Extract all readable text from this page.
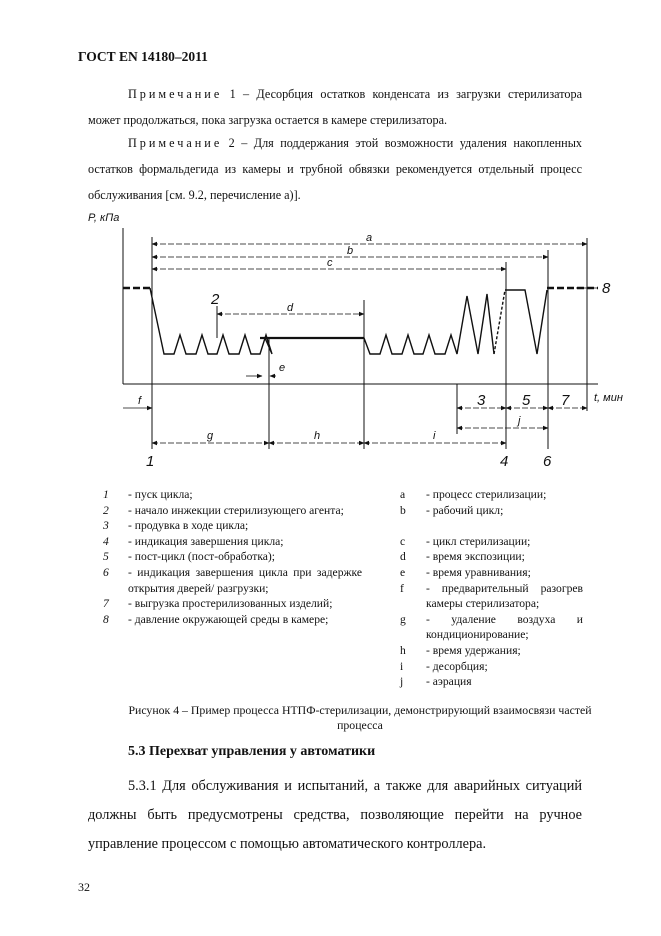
ГОСТ EN 14180–2011

Примечание 1 – Десорбция остатков конденсата из загрузки стерилизатора может продолжаться, пока загрузка остается в камере стерилизатора.

Примечание 2 – Для поддержания этой возможности удаления накопленных остатков формальдегида из камеры и трубной обвязки рекомендуется отдельный процесс обслуживания [см. 9.2, перечисление а)].

P, кПа
t, мин
a
b
c
d
e
f
g	h	i
j
1
2
3
4
5
6
7
8
1 - пуск цикла;
2 - начало инжекции стерилизующего агента;
3 - продувка в ходе цикла;
4 - индикация завершения цикла;
5 - пост-цикл (пост-обработка);
6 - индикация завершения цикла при задержке открытия дверей/ разгрузки;
7 - выгрузка простерилизованных изделий;
8 - давление окружающей среды в камере;
a - процесс стерилизации;
b - рабочий цикл;
c - цикл стерилизации;
d - время экспозиции;
e - время уравнивания;
f - предварительный разогрев камеры стерилизатора;
g - удаление воздуха и кондиционирование;
h - время удержания;
i - десорбция;
j - аэрация
Рисунок 4 – Пример процесса НТПФ-стерилизации, демонстрирующий взаимосвязи частей процесса
5.3 Перехват управления у автоматики

5.3.1 Для обслуживания и испытаний, а также для аварийных ситуаций должны быть предусмотрены средства, позволяющие перейти на ручное управление процессом с помощью автоматического контроллера.

32
